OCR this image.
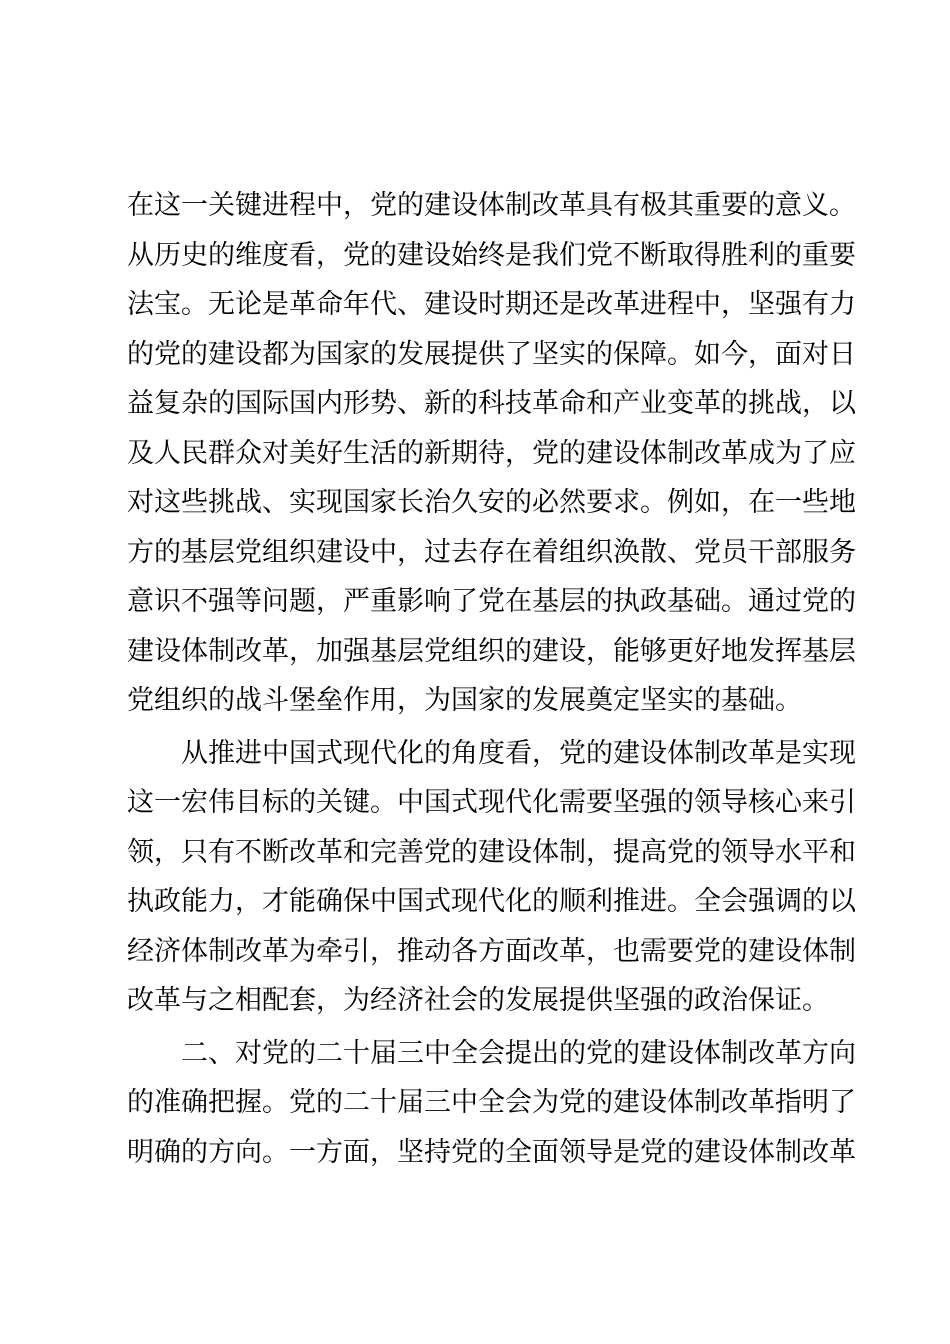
在这一关键进程中，党的建设体制改革具有极其重要的意义。
从历史的维度看，党的建设始终是我们党不断取得胜利的重要
法宝。无论是革命年代、建设时期还是改革进程中，坚强有力
的党的建设都为国家的发展提供了坚实的保障。如今，面对日
益复杂的国际国内形势、新的科技革命和产业变革的挑战，以
及人民群众对美好生活的新期待，党的建设体制改革成为了应
对这些挑战、实现国家长治久安的必然要求。例如，在一些地
方的基层党组织建设中，过去存在着组织涣散、党员干部服务
意识不强等问题，严重影响了党在基层的执政基础。通过党的
建设体制改革，加强基层党组织的建设，能够更好地发挥基层
党组织的战斗堡垒作用，为国家的发展奠定坚实的基础。
从推进中国式现代化的角度看，党的建设体制改革是实现
这一宏伟目标的关键。中国式现代化需要坚强的领导核心来引
领，只有不断改革和完善党的建设体制，提高党的领导水平和
执政能力，才能确保中国式现代化的顺利推进。全会强调的以
经济体制改革为牵引，推动各方面改革，也需要党的建设体制
改革与之相配套，为经济社会的发展提供坚强的政治保证。
二、对党的二十届三中全会提出的党的建设体制改革方向
的准确把握。党的二十届三中全会为党的建设体制改革指明了
明确的方向。一方面，坚持党的全面领导是党的建设体制改革
